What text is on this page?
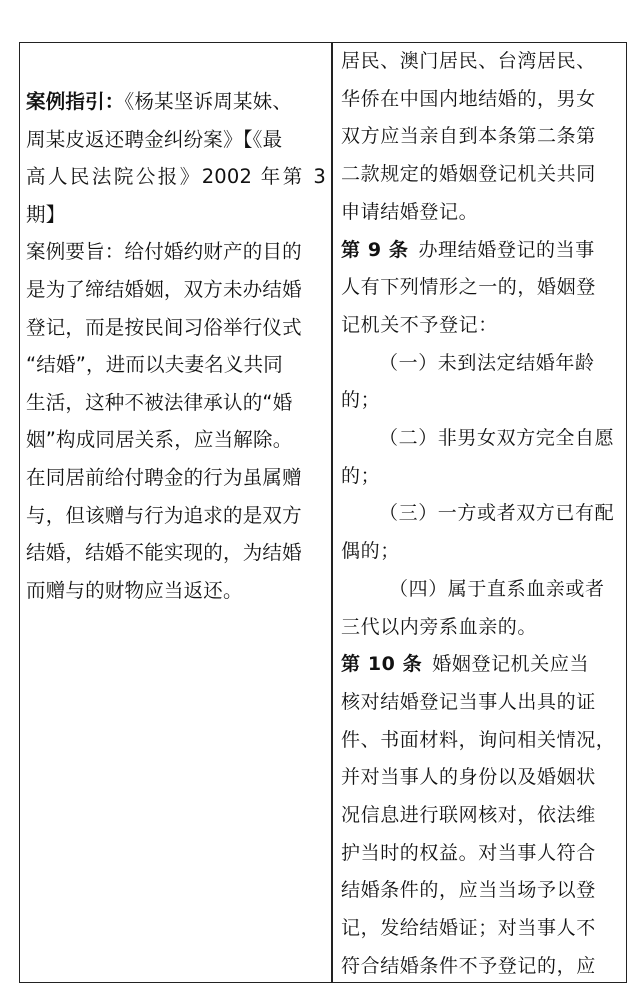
案例指引：《杨某坚诉周某妹、
周某皮返还聘金纠纷案》【《最
高人民法院公报》2002 年第 3 期】
案例要旨：给付婚约财产的目的
是为了缔结婚姻，双方未办结婚
登记，而是按民间习俗举行仪式
“结婚”，进而以夫妻名义共同
生活，这种不被法律承认的“婚
姻”构成同居关系，应当解除。
在同居前给付聘金的行为虽属赠
与，但该赠与行为追求的是双方
结婚，结婚不能实现的，为结婚
而赠与的财物应当返还。
居民、澳门居民、台湾居民、
华侨在中国内地结婚的，男女
双方应当亲自到本条第二条第
二款规定的婚姻登记机关共同
申请结婚登记。
第 9 条 办理结婚登记的当事
人有下列情形之一的，婚姻登
记机关不予登记：
（一）未到法定结婚年龄
的；
（二）非男女双方完全自愿
的；
（三）一方或者双方已有配
偶的；
（四）属于直系血亲或者
三代以内旁系血亲的。
第 10 条 婚姻登记机关应当
核对结婚登记当事人出具的证
件、书面材料，询问相关情况，
并对当事人的身份以及婚姻状
况信息进行联网核对，依法维
护当时的权益。对当事人符合
结婚条件的，应当当场予以登
记，发给结婚证；对当事人不
符合结婚条件不予登记的，应
